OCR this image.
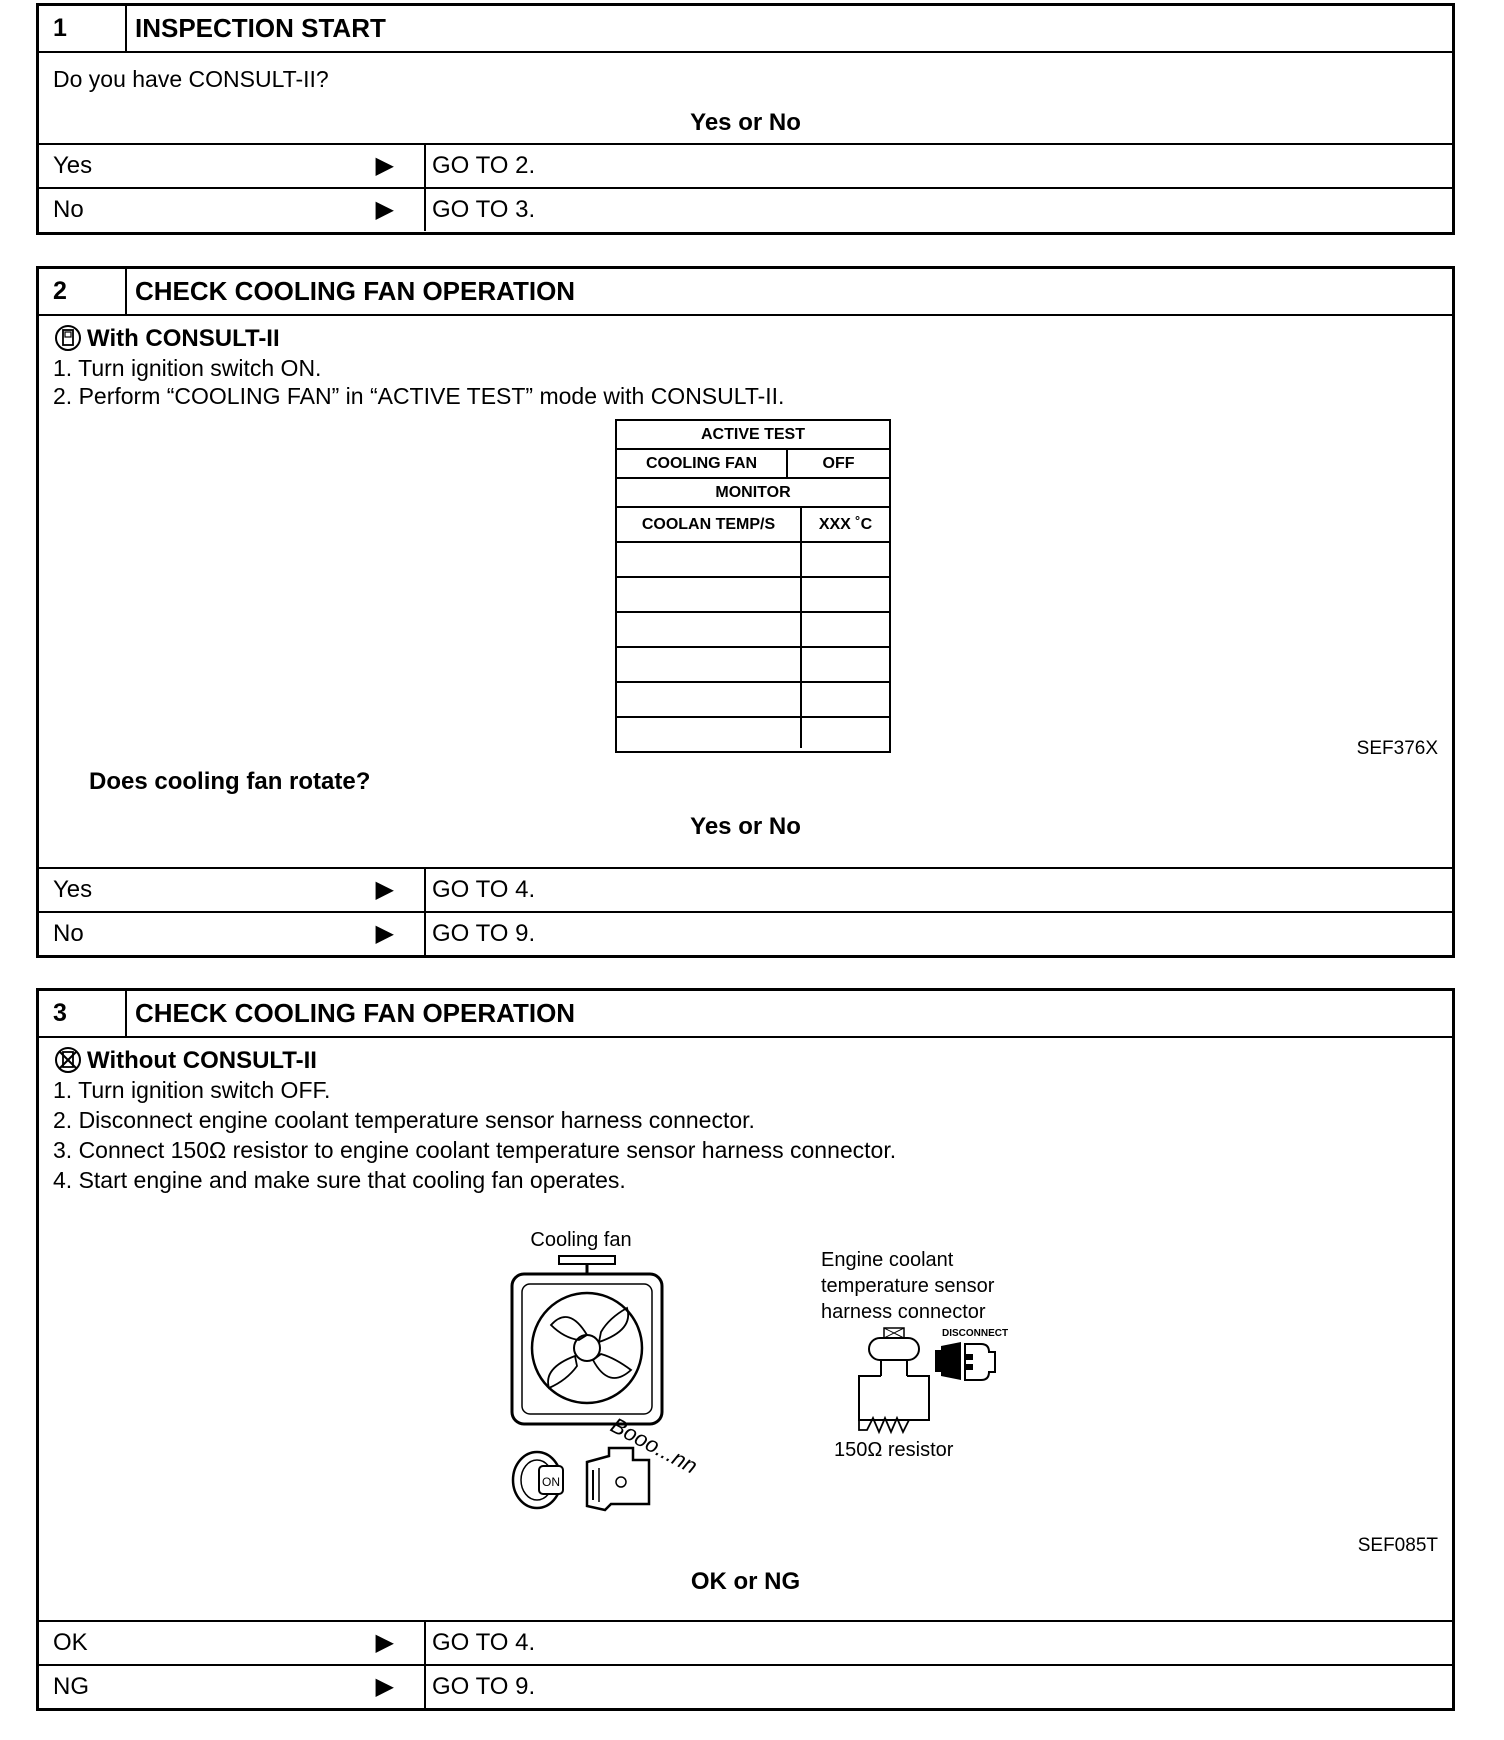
1	INSPECTION START
Do you have CONSULT-II?
Yes or No
Yes	▶ GO TO 2.
No	▶ GO TO 3.
2	CHECK COOLING FAN OPERATION
With CONSULT-II
1. Turn ignition switch ON.
2. Perform “COOLING FAN” in “ACTIVE TEST” mode with CONSULT-II.
ACTIVE TEST
COOLING FAN	OFF
MONITOR
COOLAN TEMP/S	XXX ˚C
SEF376X
Does cooling fan rotate?
Yes or No
Yes	▶ GO TO 4.
No	▶ GO TO 9.
3	CHECK COOLING FAN OPERATION
Without CONSULT-II
1. Turn ignition switch OFF.
2. Disconnect engine coolant temperature sensor harness connector.
3. Connect 150Ω resistor to engine coolant temperature sensor harness connector.
4. Start engine and make sure that cooling fan operates.
Cooling fan
Booo...nn
Engine coolant
temperature sensor
harness connector
DISCONNECT
150Ω resistor
ON
SEF085T
OK or NG
OK	▶ GO TO 4.
NG	▶ GO TO 9.
